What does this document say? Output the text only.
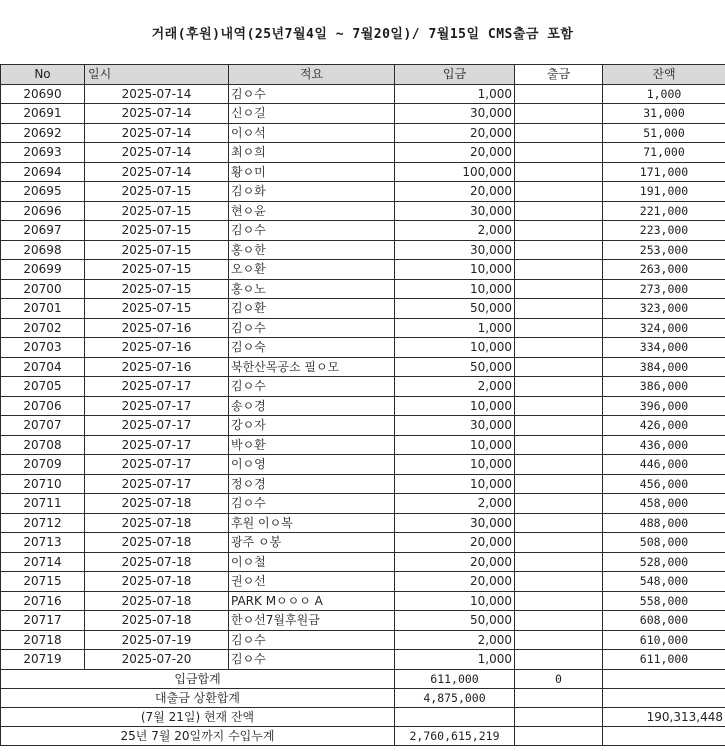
거래(후원)내역(25년7월4일 ~ 7월20일)/ 7월15일 CMS출금 포함
No	일시	적요	입금	출금	잔액
20690	2025-07-14	김ㅇ수	1,000		1,000
20691	2025-07-14	신ㅇ길	30,000		31,000
20692	2025-07-14	이ㅇ석	20,000		51,000
20693	2025-07-14	최ㅇ희	20,000		71,000
20694	2025-07-14	황ㅇ미	100,000		171,000
20695	2025-07-15	김ㅇ화	20,000		191,000
20696	2025-07-15	현ㅇ윤	30,000		221,000
20697	2025-07-15	김ㅇ수	2,000		223,000
20698	2025-07-15	홍ㅇ한	30,000		253,000
20699	2025-07-15	오ㅇ환	10,000		263,000
20700	2025-07-15	홍ㅇ노	10,000		273,000
20701	2025-07-15	김ㅇ환	50,000		323,000
20702	2025-07-16	김ㅇ수	1,000		324,000
20703	2025-07-16	김ㅇ숙	10,000		334,000
20704	2025-07-16	북한산목공소 필ㅇ모	50,000		384,000
20705	2025-07-17	김ㅇ수	2,000		386,000
20706	2025-07-17	송ㅇ경	10,000		396,000
20707	2025-07-17	강ㅇ자	30,000		426,000
20708	2025-07-17	박ㅇ환	10,000		436,000
20709	2025-07-17	이ㅇ영	10,000		446,000
20710	2025-07-17	정ㅇ경	10,000		456,000
20711	2025-07-18	김ㅇ수	2,000		458,000
20712	2025-07-18	후원 이ㅇ복	30,000		488,000
20713	2025-07-18	광주 ㅇ봉	20,000		508,000
20714	2025-07-18	이ㅇ철	20,000		528,000
20715	2025-07-18	권ㅇ선	20,000		548,000
20716	2025-07-18	PARK Mㅇㅇㅇ A	10,000		558,000
20717	2025-07-18	한ㅇ선7월후원금	50,000		608,000
20718	2025-07-19	김ㅇ수	2,000		610,000
20719	2025-07-20	김ㅇ수	1,000		611,000
입금합계			611,000	0	
대출금 상환합계			4,875,000		
(7월 21일) 현재 잔액					190,313,448
25년 7월 20일까지 수입누계			2,760,615,219		
